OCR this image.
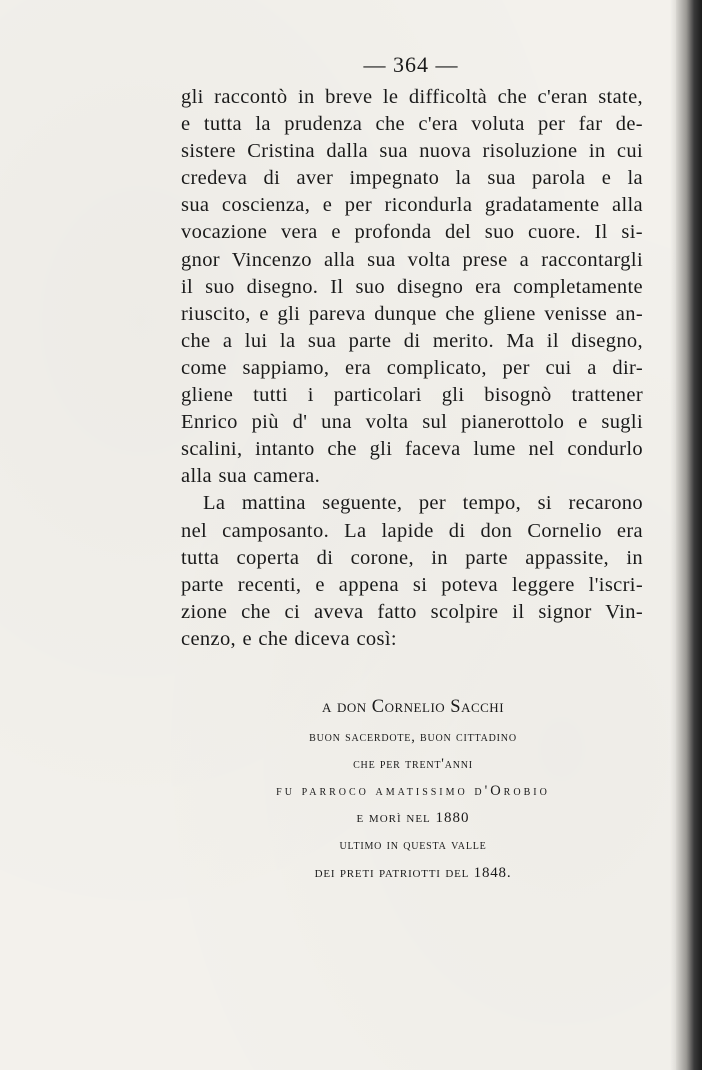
— 364 —
gli raccontò in breve le difficoltà che c'eran state,
e tutta la prudenza che c'era voluta per far de-
sistere Cristina dalla sua nuova risoluzione in cui
credeva di aver impegnato la sua parola e la
sua coscienza, e per ricondurla gradatamente alla
vocazione vera e profonda del suo cuore. Il si-
gnor Vincenzo alla sua volta prese a raccontargli
il suo disegno. Il suo disegno era completamente
riuscito, e gli pareva dunque che gliene venisse an-
che a lui la sua parte di merito. Ma il disegno,
come sappiamo, era complicato, per cui a dir-
gliene tutti i particolari gli bisognò trattener
Enrico più d' una volta sul pianerottolo e sugli
scalini, intanto che gli faceva lume nel condurlo
alla sua camera.
La mattina seguente, per tempo, si recarono
nel camposanto. La lapide di don Cornelio era
tutta coperta di corone, in parte appassite, in
parte recenti, e appena si poteva leggere l'iscri-
zione che ci aveva fatto scolpire il signor Vin-
cenzo, e che diceva così:
a don Cornelio Sacchi
buon sacerdote, buon cittadino
che per trent'anni
fu parroco amatissimo d'Orobio
e morì nel 1880
ultimo in questa valle
dei preti patriotti del 1848.
